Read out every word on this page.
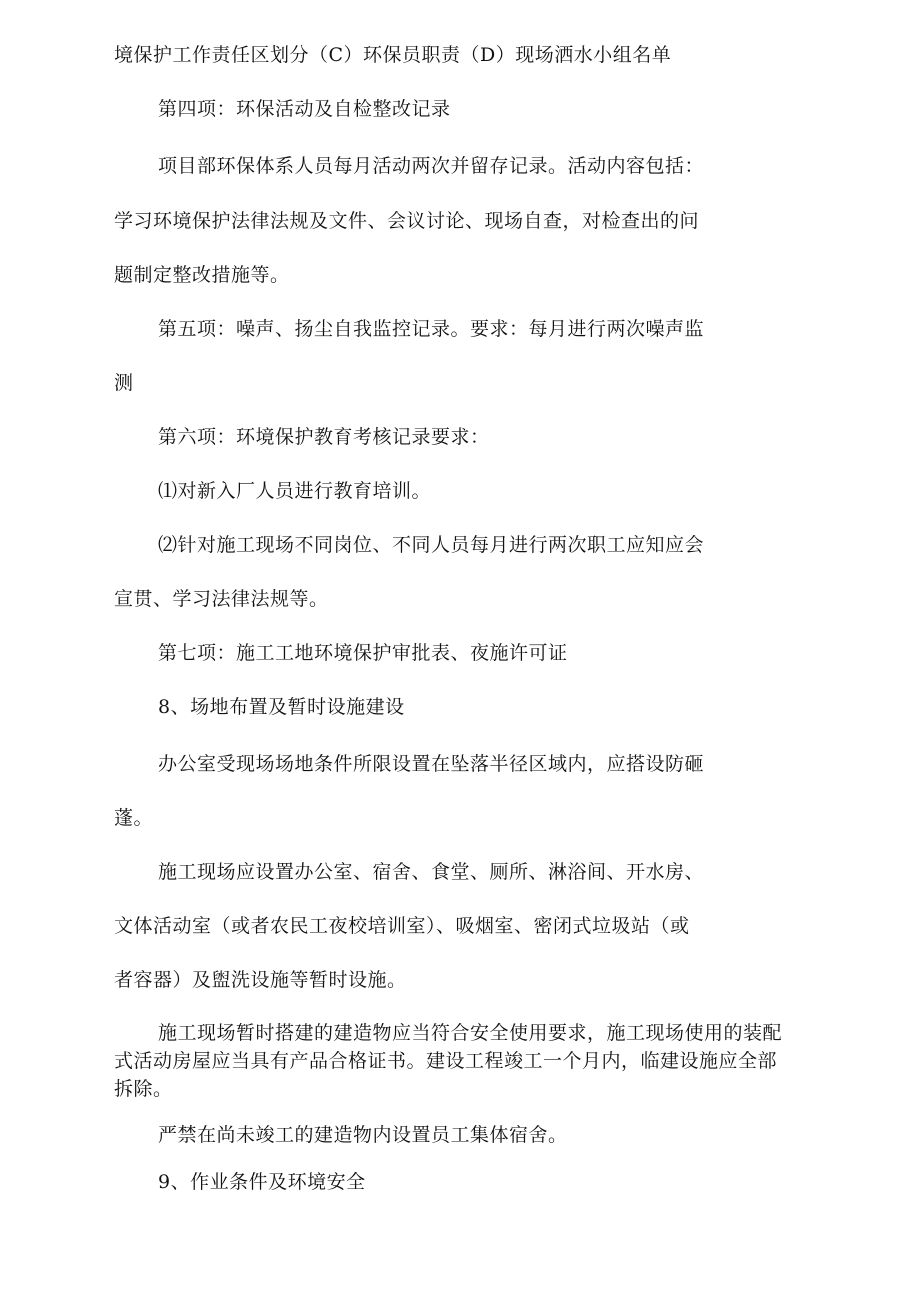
境保护工作责任区划分（C）环保员职责（D）现场洒水小组名单
第四项：环保活动及自检整改记录
项目部环保体系人员每月活动两次并留存记录。活动内容包括：
学习环境保护法律法规及文件、会议讨论、现场自查，对检查出的问
题制定整改措施等。
第五项：噪声、扬尘自我监控记录。要求：每月进行两次噪声监
测
第六项：环境保护教育考核记录要求：
⑴对新入厂人员进行教育培训。
⑵针对施工现场不同岗位、不同人员每月进行两次职工应知应会
宣贯、学习法律法规等。
第七项：施工工地环境保护审批表、夜施许可证
8、场地布置及暂时设施建设
办公室受现场场地条件所限设置在坠落半径区域内，应搭设防砸
蓬。
施工现场应设置办公室、宿舍、食堂、厕所、淋浴间、开水房、
文体活动室（或者农民工夜校培训室）、吸烟室、密闭式垃圾站（或
者容器）及盥洗设施等暂时设施。
施工现场暂时搭建的建造物应当符合安全使用要求，施工现场使用的装配
式活动房屋应当具有产品合格证书。建设工程竣工一个月内，临建设施应全部
拆除。
严禁在尚未竣工的建造物内设置员工集体宿舍。
9、作业条件及环境安全
